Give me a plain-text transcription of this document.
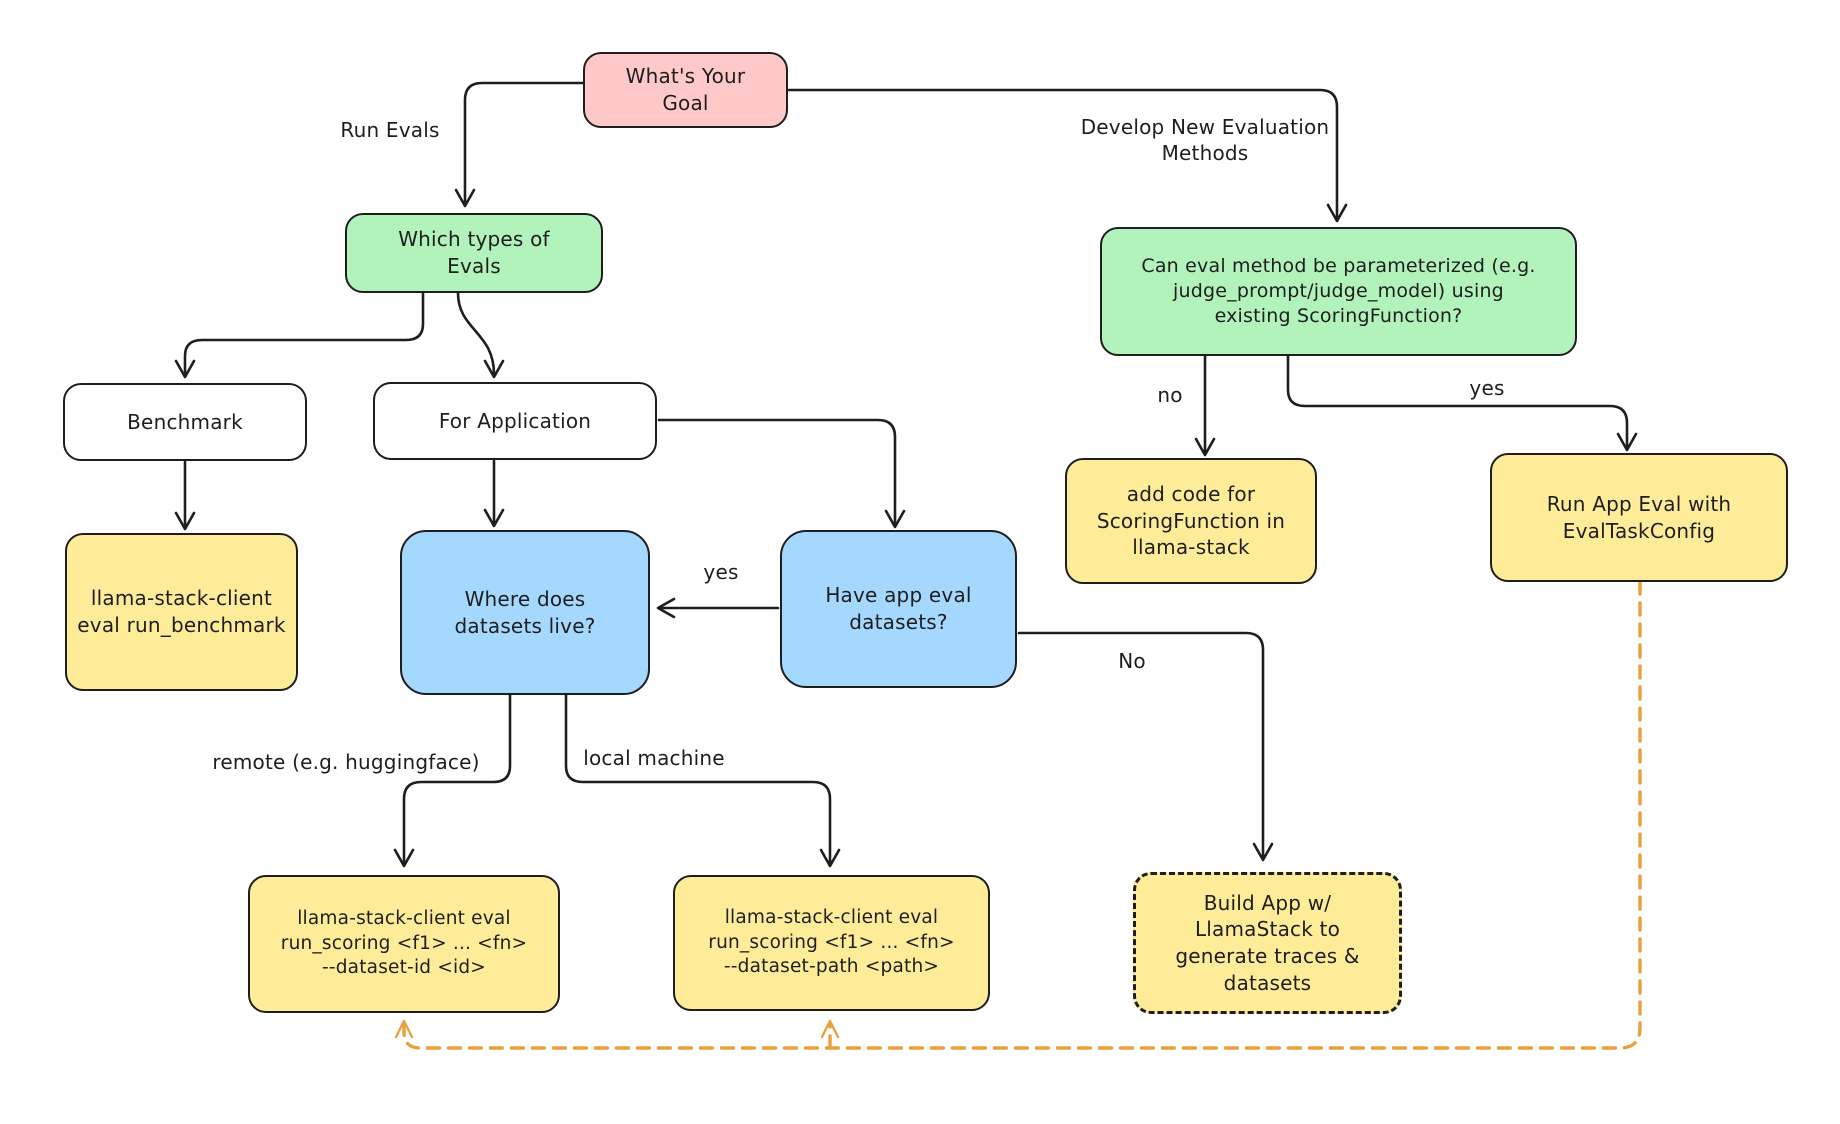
What's Your
Goal
Which types of
Evals
Benchmark	For Application
llama-stack-client
eval run_benchmark
Where does
datasets live?
Have app eval
datasets?
Can eval method be parameterized (e.g.
judge_prompt/judge_model) using
existing ScoringFunction?
add code for
ScoringFunction in
llama-stack
Run App Eval with
EvalTaskConfig
llama-stack-client eval
run_scoring <f1> ... <fn>
--dataset-id <id>
llama-stack-client eval
run_scoring <f1> ... <fn>
--dataset-path <path>
Build App w/
LlamaStack to
generate traces &
datasets
Run Evals	Develop New Evaluation
Methods
yes
no	yes
No
remote (e.g. huggingface)	local machine
